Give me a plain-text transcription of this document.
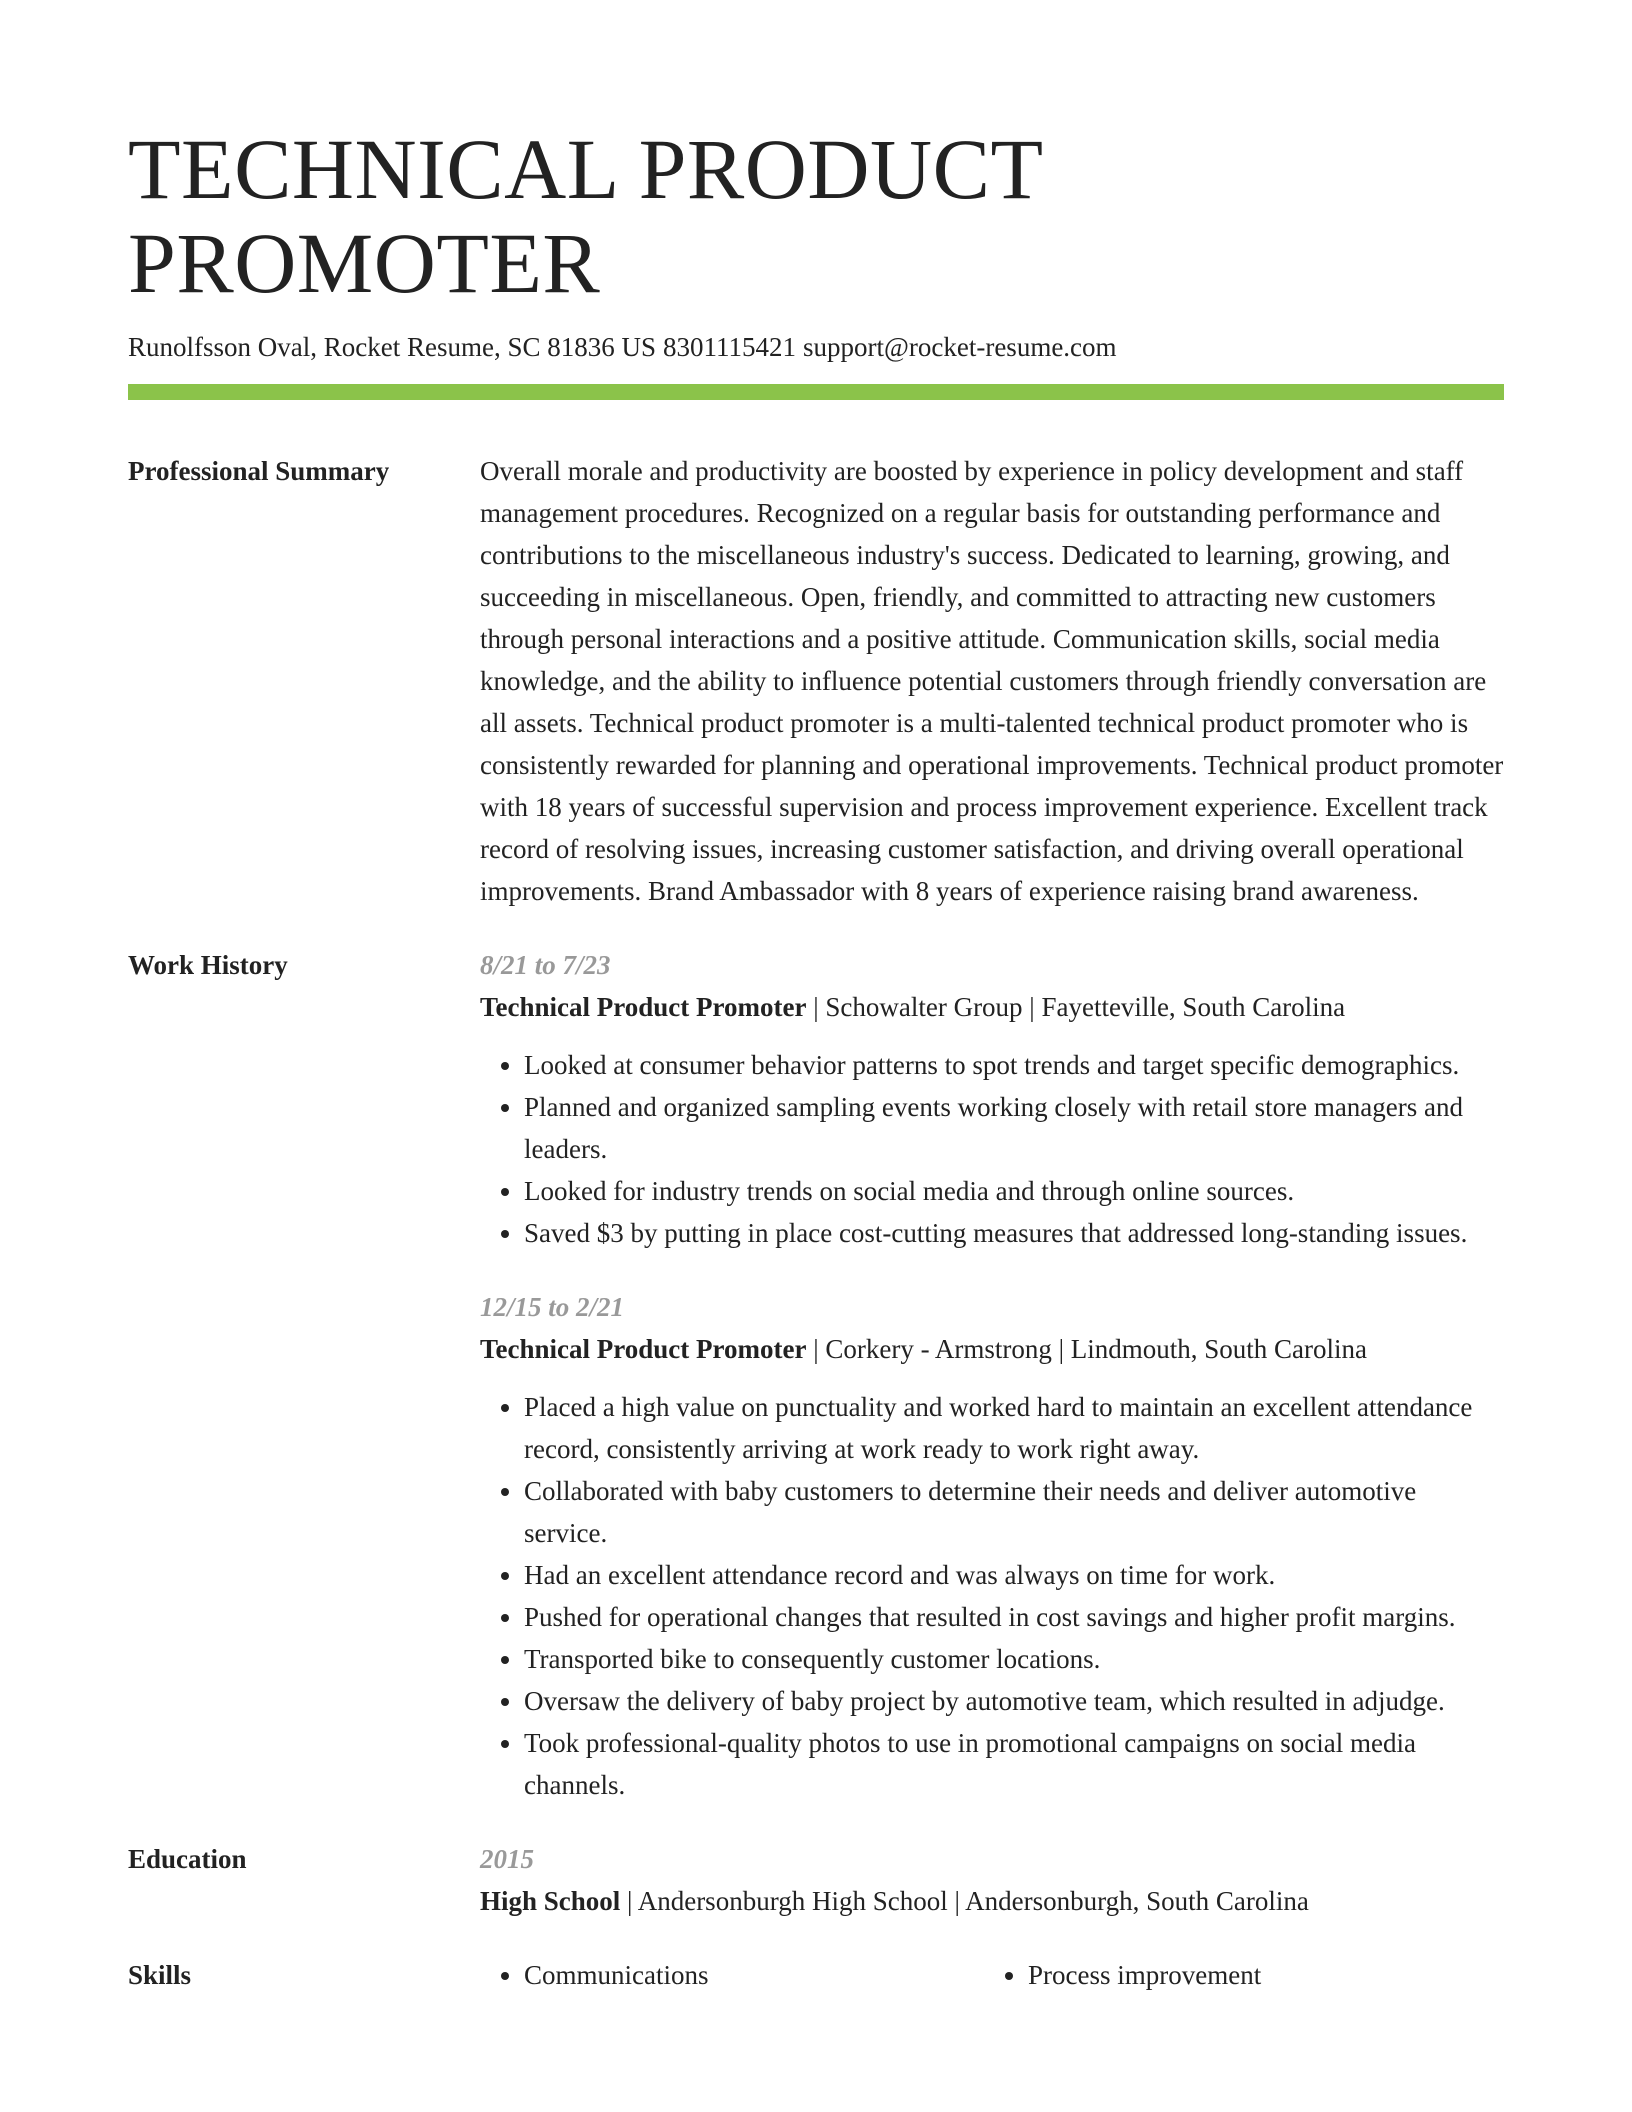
TECHNICAL PRODUCT PROMOTER
Runolfsson Oval, Rocket Resume, SC 81836 US 8301115421 support@rocket-resume.com
Professional Summary	Overall morale and productivity are boosted by experience in policy development and staff management procedures. Recognized on a regular basis for outstanding performance and contributions to the miscellaneous industry's success. Dedicated to learning, growing, and succeeding in miscellaneous. Open, friendly, and committed to attracting new customers through personal interactions and a positive attitude. Communication skills, social media knowledge, and the ability to influence potential customers through friendly conversation are all assets. Technical product promoter is a multi-talented technical product promoter who is consistently rewarded for planning and operational improvements. Technical product promoter with 18 years of successful supervision and process improvement experience. Excellent track record of resolving issues, increasing customer satisfaction, and driving overall operational improvements. Brand Ambassador with 8 years of experience raising brand awareness.

Work History	8/21 to 7/23
Technical Product Promoter | Schowalter Group | Fayetteville, South Carolina
• Looked at consumer behavior patterns to spot trends and target specific demographics.
• Planned and organized sampling events working closely with retail store managers and leaders.
• Looked for industry trends on social media and through online sources.
• Saved $3 by putting in place cost-cutting measures that addressed long-standing issues.
12/15 to 2/21
Technical Product Promoter | Corkery - Armstrong | Lindmouth, South Carolina
• Placed a high value on punctuality and worked hard to maintain an excellent attendance record, consistently arriving at work ready to work right away.
• Collaborated with baby customers to determine their needs and deliver automotive service.
• Had an excellent attendance record and was always on time for work.
• Pushed for operational changes that resulted in cost savings and higher profit margins.
• Transported bike to consequently customer locations.
• Oversaw the delivery of baby project by automotive team, which resulted in adjudge.
• Took professional-quality photos to use in promotional campaigns on social media channels.
Education	2015
High School | Andersonburgh High School | Andersonburgh, South Carolina
Skills	• Communications	• Process improvement
